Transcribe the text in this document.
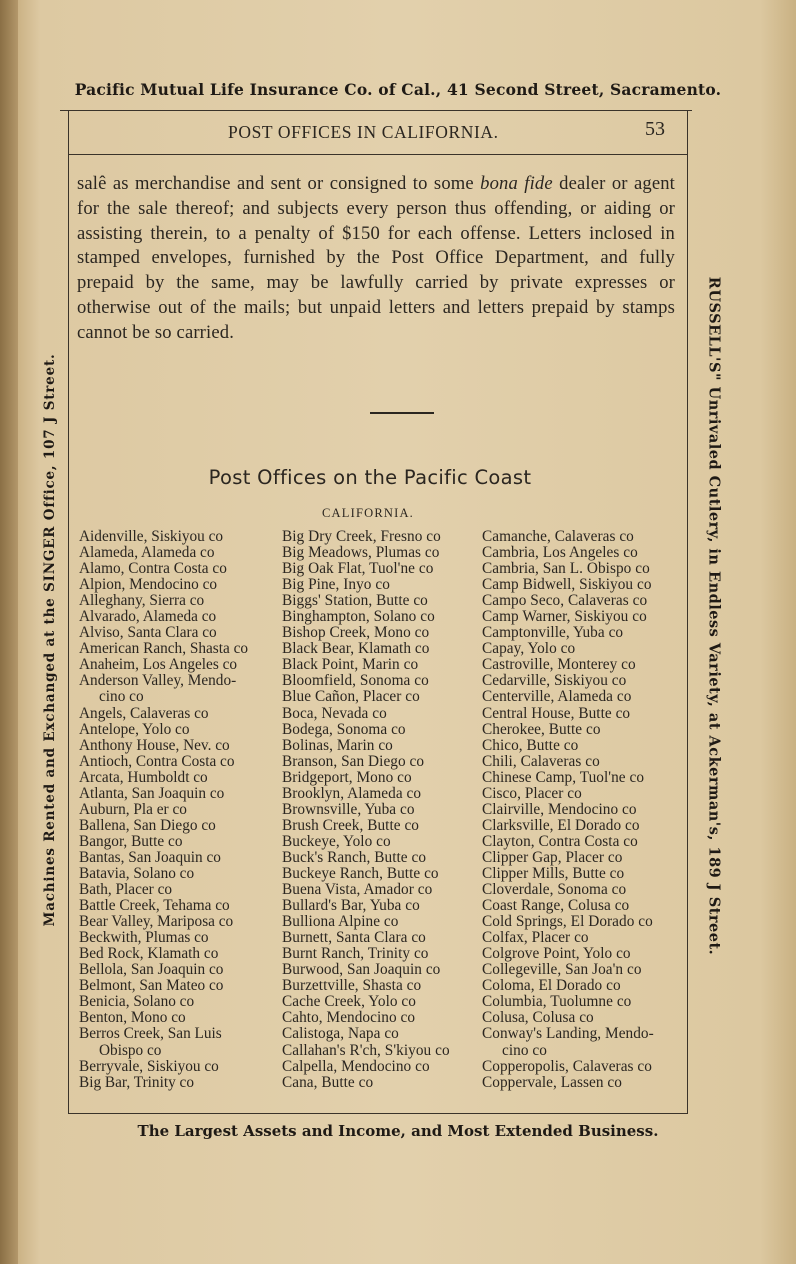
Pacific Mutual Life Insurance Co. of Cal., 41 Second Street, Sacramento.
Machines Rented and Exchanged at the SINGER Office, 107 J Street.	RUSSELL'S" Unrivaled Cutlery, in Endless Variety, at Ackerman's, 189 J Street.
POST OFFICES IN CALIFORNIA.	53
salê as merchandise and sent or consigned to some bona fide dealer or agent for the sale thereof; and subjects every person thus offending, or aiding or assisting therein, to a penalty of $150 for each offense. Letters inclosed in stamped envelopes, furnished by the Post Office Department, and fully prepaid by the same, may be lawfully carried by private expresses or otherwise out of the mails; but unpaid letters and letters prepaid by stamps cannot be so carried.
Post Offices on the Pacific Coast
CALIFORNIA.
Aidenville, Siskiyou co
Alameda, Alameda co
Alamo, Contra Costa co
Alpion, Mendocino co
Alleghany, Sierra co
Alvarado, Alameda co
Alviso, Santa Clara co
American Ranch, Shasta co
Anaheim, Los Angeles co
Anderson Valley, Mendo-
cino co
Angels, Calaveras co
Antelope, Yolo co
Anthony House, Nev. co
Antioch, Contra Costa co
Arcata, Humboldt co
Atlanta, San Joaquin co
Auburn, Pla er co
Ballena, San Diego co
Bangor, Butte co
Bantas, San Joaquin co
Batavia, Solano co
Bath, Placer co
Battle Creek, Tehama co
Bear Valley, Mariposa co
Beckwith, Plumas co
Bed Rock, Klamath co
Bellola, San Joaquin co
Belmont, San Mateo co
Benicia, Solano co
Benton, Mono co
Berros Creek, San Luis
Obispo co
Berryvale, Siskiyou co
Big Bar, Trinity co
Big Dry Creek, Fresno co
Big Meadows, Plumas co
Big Oak Flat, Tuol'ne co
Big Pine, Inyo co
Biggs' Station, Butte co
Binghampton, Solano co
Bishop Creek, Mono co
Black Bear, Klamath co
Black Point, Marin co
Bloomfield, Sonoma co
Blue Cañon, Placer co
Boca, Nevada co
Bodega, Sonoma co
Bolinas, Marin co
Branson, San Diego co
Bridgeport, Mono co
Brooklyn, Alameda co
Brownsville, Yuba co
Brush Creek, Butte co
Buckeye, Yolo co
Buck's Ranch, Butte co
Buckeye Ranch, Butte co
Buena Vista, Amador co
Bullard's Bar, Yuba co
Bulliona Alpine co
Burnett, Santa Clara co
Burnt Ranch, Trinity co
Burwood, San Joaquin co
Burzettville, Shasta co
Cache Creek, Yolo co
Cahto, Mendocino co
Calistoga, Napa co
Callahan's R'ch, S'kiyou co
Calpella, Mendocino co
Cana, Butte co
Camanche, Calaveras co
Cambria, Los Angeles co
Cambria, San L. Obispo co
Camp Bidwell, Siskiyou co
Campo Seco, Calaveras co
Camp Warner, Siskiyou co
Camptonville, Yuba co
Capay, Yolo co
Castroville, Monterey co
Cedarville, Siskiyou co
Centerville, Alameda co
Central House, Butte co
Cherokee, Butte co
Chico, Butte co
Chili, Calaveras co
Chinese Camp, Tuol'ne co
Cisco, Placer co
Clairville, Mendocino co
Clarksville, El Dorado co
Clayton, Contra Costa co
Clipper Gap, Placer co
Clipper Mills, Butte co
Cloverdale, Sonoma co
Coast Range, Colusa co
Cold Springs, El Dorado co
Colfax, Placer co
Colgrove Point, Yolo co
Collegeville, San Joa'n co
Coloma, El Dorado co
Columbia, Tuolumne co
Colusa, Colusa co
Conway's Landing, Mendo-
cino co
Copperopolis, Calaveras co
Coppervale, Lassen co
The Largest Assets and Income, and Most Extended Business.
